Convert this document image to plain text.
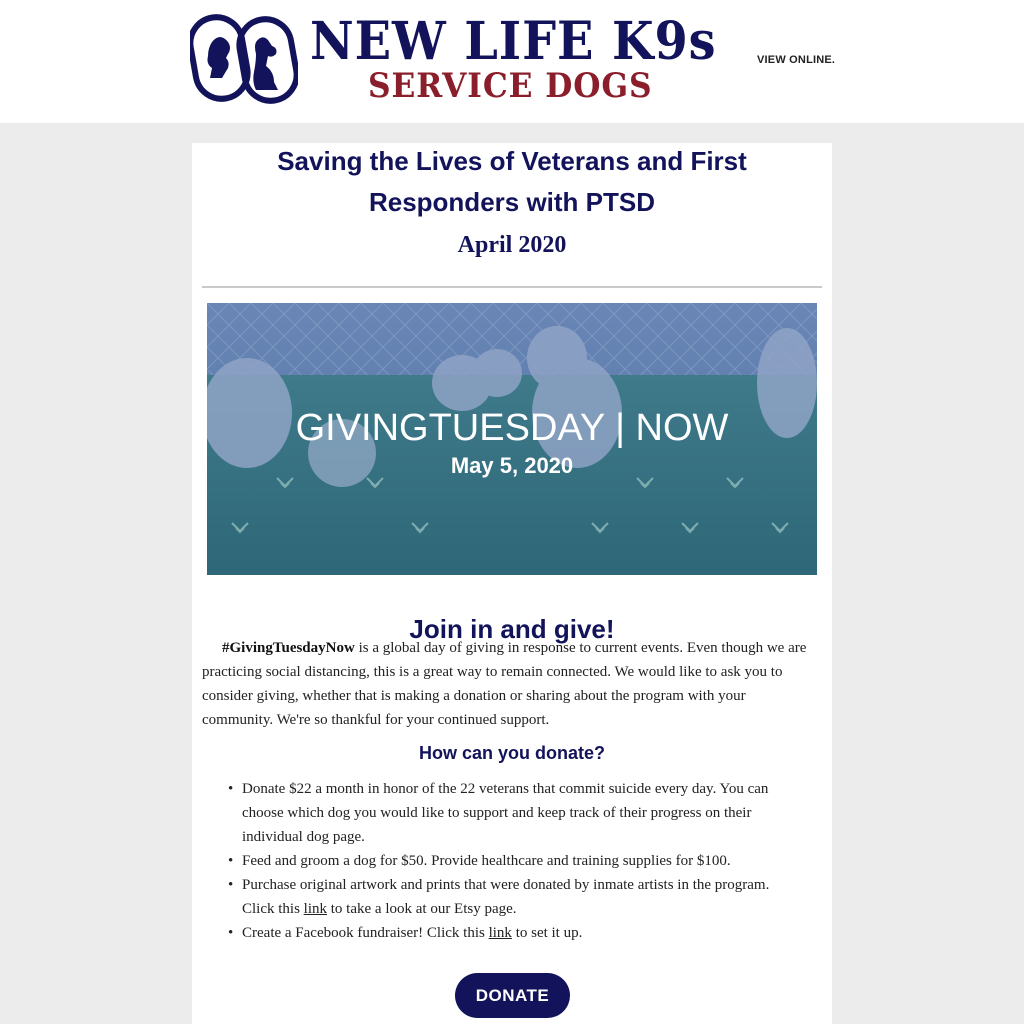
NEW LIFE K9s
SERVICE DOGS
VIEW ONLINE.
Saving the Lives of Veterans and First
Responders with PTSD
April 2020
GIVINGTUESDAY | NOW
May 5, 2020
Join in and give!

#GivingTuesdayNow is a global day of giving in response to current events. Even though we are practicing social distancing, this is a great way to remain connected. We would like to ask you to consider giving, whether that is making a donation or sharing about the program with your community. We're so thankful for your continued support.

How can you donate?
• Donate $22 a month in honor of the 22 veterans that commit suicide every day. You can choose which dog you would like to support and keep track of their progress on their individual dog page.
• Feed and groom a dog for $50. Provide healthcare and training supplies for $100.
• Purchase original artwork and prints that were donated by inmate artists in the program. Click this link to take a look at our Etsy page.
• Create a Facebook fundraiser! Click this link to set it up.
DONATE
